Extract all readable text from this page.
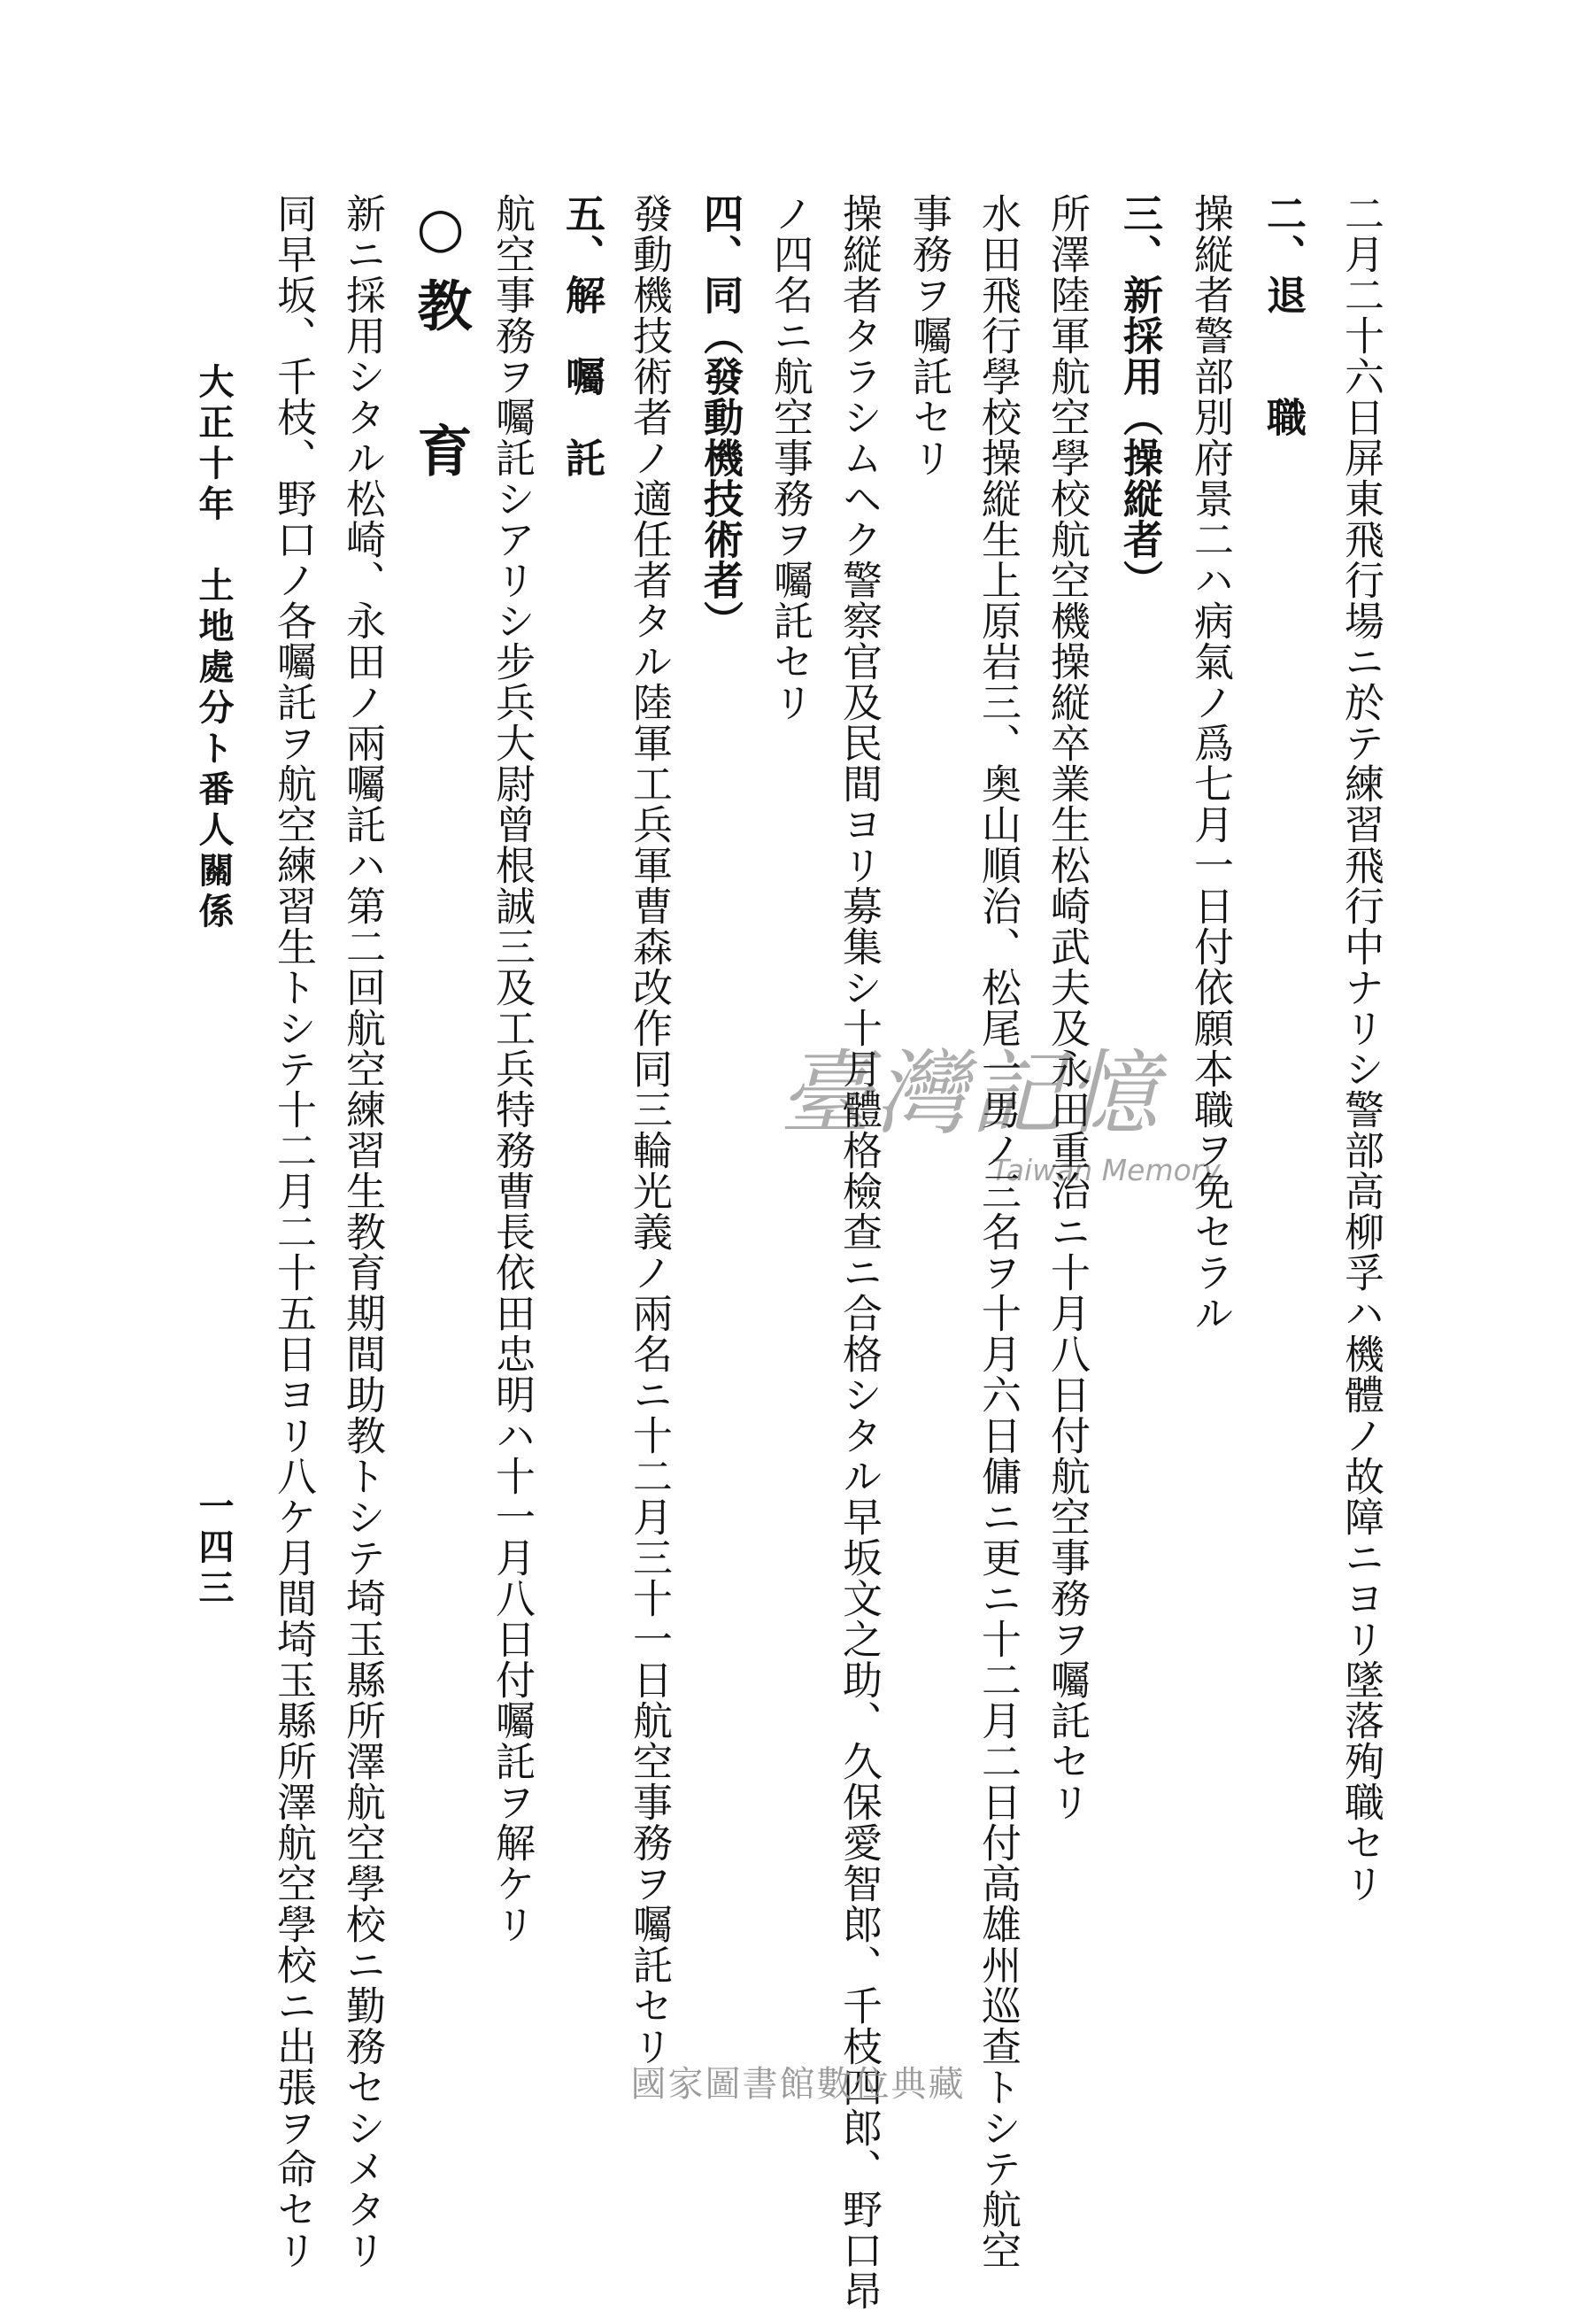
二月二十六日屏東飛行場ニ於テ練習飛行中ナリシ警部高柳孚ハ機體ノ故障ニヨリ墜落殉職セリ
二、退　　職
操縦者警部別府景二ハ病氣ノ爲七月一日付依願本職ヲ免セラル
三、新採用（操縦者）
所澤陸軍航空學校航空機操縦卒業生松崎武夫及永田重治ニ十月八日付航空事務ヲ囑託セリ
水田飛行學校操縦生上原岩三、奥山順治、松尾一男ノ三名ヲ十月六日傭ニ更ニ十二月二日付高雄州巡查トシテ航空
事務ヲ囑託セリ
操縦者タラシムヘク警察官及民間ヨリ募集シ十月體格檢查ニ合格シタル早坂文之助、久保愛智郎、千枝四郎、野口昂
ノ四名ニ航空事務ヲ囑託セリ
四、同（發動機技術者）
發動機技術者ノ適任者タル陸軍工兵軍曹森改作同三輪光義ノ兩名ニ十二月三十一日航空事務ヲ囑託セリ
五、解　囑　託
航空事務ヲ囑託シアリシ步兵大尉曾根誠三及工兵特務曹長依田忠明ハ十一月八日付囑託ヲ解ケリ
○教　育
新ニ採用シタル松崎、永田ノ兩囑託ハ第二回航空練習生教育期間助教トシテ埼玉縣所澤航空學校ニ勤務セシメタリ
同早坂、千枝、野口ノ各囑託ヲ航空練習生トシテ十二月二十五日ヨリ八ケ月間埼玉縣所澤航空學校ニ出張ヲ命セリ
大正十年　土地處分ト番人關係
一四三
臺灣記憶
Taiwan Memory
國家圖書館數位典藏
